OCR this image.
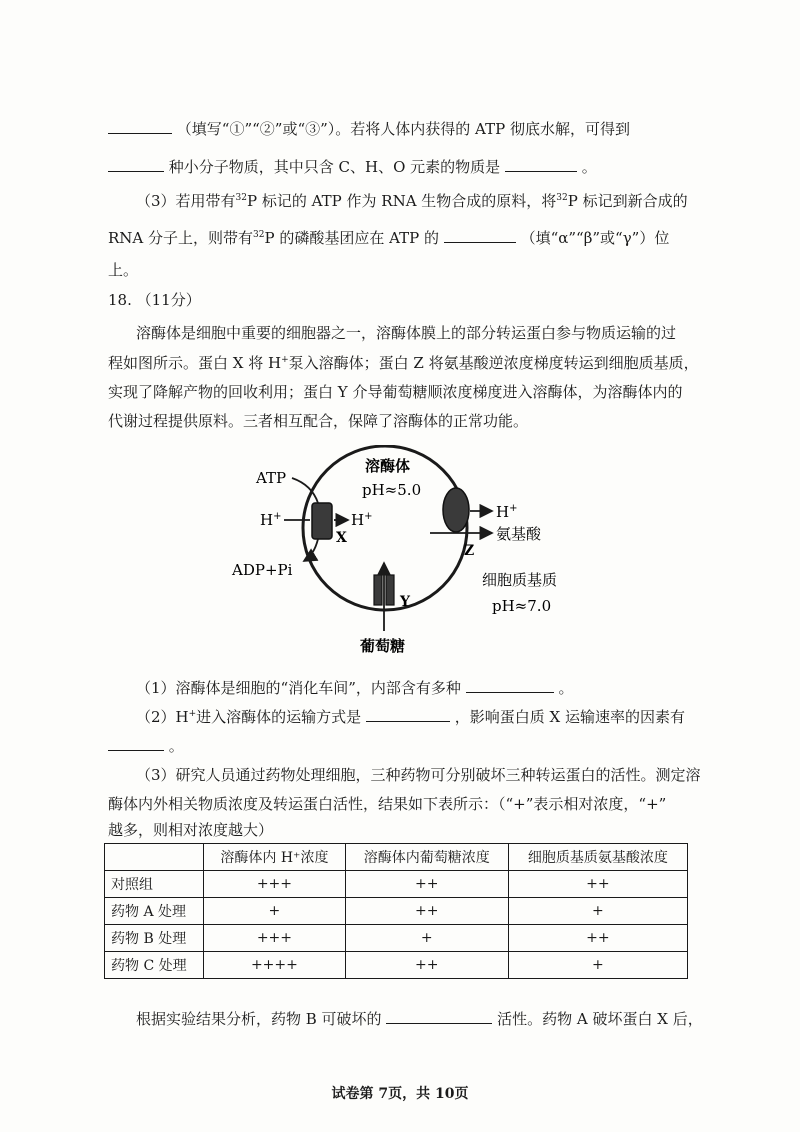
（填写“①”“②”或“③”）。若将人体内获得的 ATP 彻底水解，可得到
种小分子物质，其中只含 C、H、O 元素的物质是	。
（3）若用带有$^{32}$P 标记的 ATP 作为 RNA 生物合成的原料，将$^{32}$P 标记到新合成的
RNA 分子上，则带有$^{32}$P 的磷酸基团应在 ATP 的	（填“α”“β”或“γ”）位
上。
18. （11分）
溶酶体是细胞中重要的细胞器之一，溶酶体膜上的部分转运蛋白参与物质运输的过
程如图所示。蛋白 X 将 H+泵入溶酶体；蛋白 Z 将氨基酸逆浓度梯度转运到细胞质基质，
实现了降解产物的回收利用；蛋白 Y 介导葡萄糖顺浓度梯度进入溶酶体，为溶酶体内的
代谢过程提供原料。三者相互配合，保障了溶酶体的正常功能。
溶酶体
pH≈5.0
ATP
H+	H+
ADP+Pi
X
H+
氨基酸
Z
Y
葡萄糖
细胞质基质
pH≈7.0
（1）溶酶体是细胞的“消化车间”，内部含有多种	。
（2）H+进入溶酶体的运输方式是	，影响蛋白质 X 运输速率的因素有
。
（3）研究人员通过药物处理细胞，三种药物可分别破坏三种转运蛋白的活性。测定溶
酶体内外相关物质浓度及转运蛋白活性，结果如下表所示：（“+”表示相对浓度，“+”
越多，则相对浓度越大）
	溶酶体内 H⁺浓度	溶酶体内葡萄糖浓度	细胞质基质氨基酸浓度
对照组	+++	++	++
药物 A 处理	+	++	+
药物 B 处理	+++	+	++
药物 C 处理	++++	++	+
根据实验结果分析，药物 B 可破坏的	活性。药物 A 破坏蛋白 X 后，
试卷第 7页，共 10页
